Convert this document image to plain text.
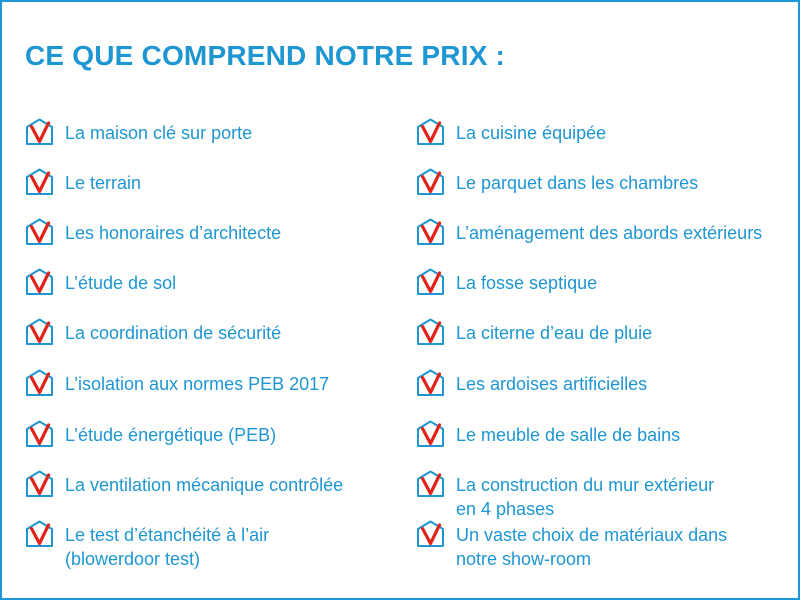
CE QUE COMPREND NOTRE PRIX :
La maison clé sur porte
Le terrain
Les honoraires d’architecte
L’étude de sol
La coordination de sécurité
L’isolation aux normes PEB 2017
L’étude énergétique (PEB)
La ventilation mécanique contrôlée
Le test d’étanchéité à l’air
(blowerdoor test)
La cuisine équipée
Le parquet dans les chambres
L’aménagement des abords extérieurs
La fosse septique
La citerne d’eau de pluie
Les ardoises artificielles
Le meuble de salle de bains
La construction du mur extérieur
en 4 phases
Un vaste choix de matériaux dans
notre show-room
